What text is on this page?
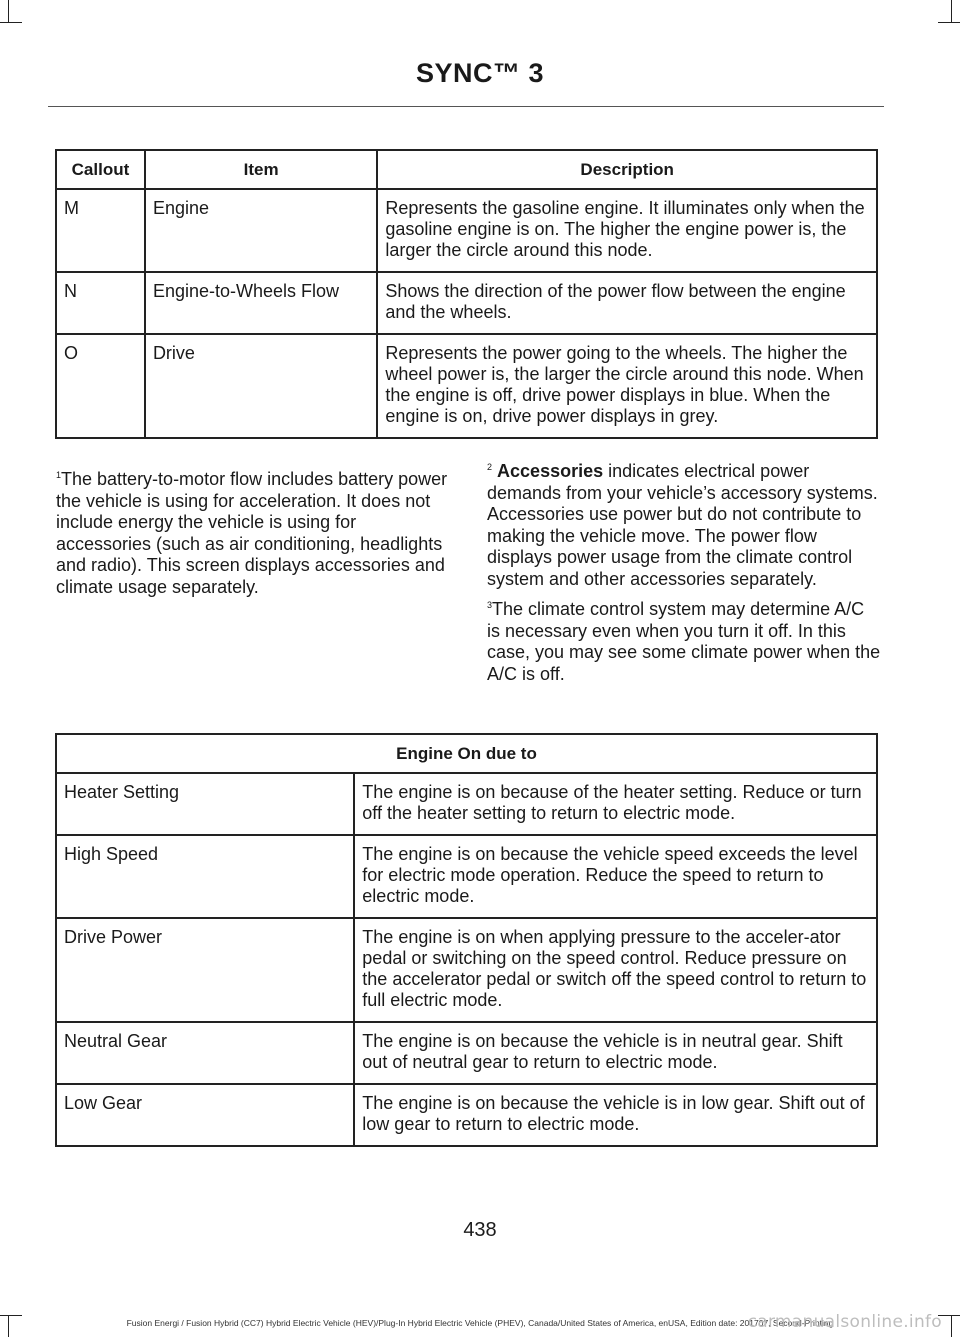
SYNC™ 3
Callout	Item	Description
M	Engine	Represents the gasoline engine. It illuminates only when the gasoline engine is on. The higher the engine power is, the larger the circle around this node.
N	Engine-to-Wheels Flow	Shows the direction of the power flow between the engine and the wheels.
O	Drive	Represents the power going to the wheels. The higher the wheel power is, the larger the circle around this node. When the engine is off, drive power displays in blue. When the engine is on, drive power displays in grey.

$^1$The battery-to-motor flow includes battery power the vehicle is using for acceleration. It does not include energy the vehicle is using for accessories (such as air conditioning, headlights and radio). This screen displays accessories and climate usage separately.

$^2$ Accessories indicates electrical power demands from your vehicle’s accessory systems. Accessories use power but do not contribute to making the vehicle move. The power flow displays power usage from the climate control system and other accessories separately.

$^3$The climate control system may determine A/C is necessary even when you turn it off. In this case, you may see some climate power when the A/C is off.

Engine On due to	
Heater Setting	The engine is on because of the heater setting. Reduce or turn off the heater setting to return to electric mode.
High Speed	The engine is on because the vehicle speed exceeds the level for electric mode operation. Reduce the speed to return to electric mode.
Drive Power	The engine is on when applying pressure to the acceler-ator pedal or switching on the speed control. Reduce pressure on the accelerator pedal or switch off the speed control to return to full electric mode.
Neutral Gear	The engine is on because the vehicle is in neutral gear. Shift out of neutral gear to return to electric mode.
Low Gear	The engine is on because the vehicle is in low gear. Shift out of low gear to return to electric mode.
438
Fusion Energi / Fusion Hybrid (CC7) Hybrid Electric Vehicle (HEV)/Plug-In Hybrid Electric Vehicle (PHEV), Canada/United States of America, enUSA, Edition date: 201707, Second-Printing
carmanualsonline.info
